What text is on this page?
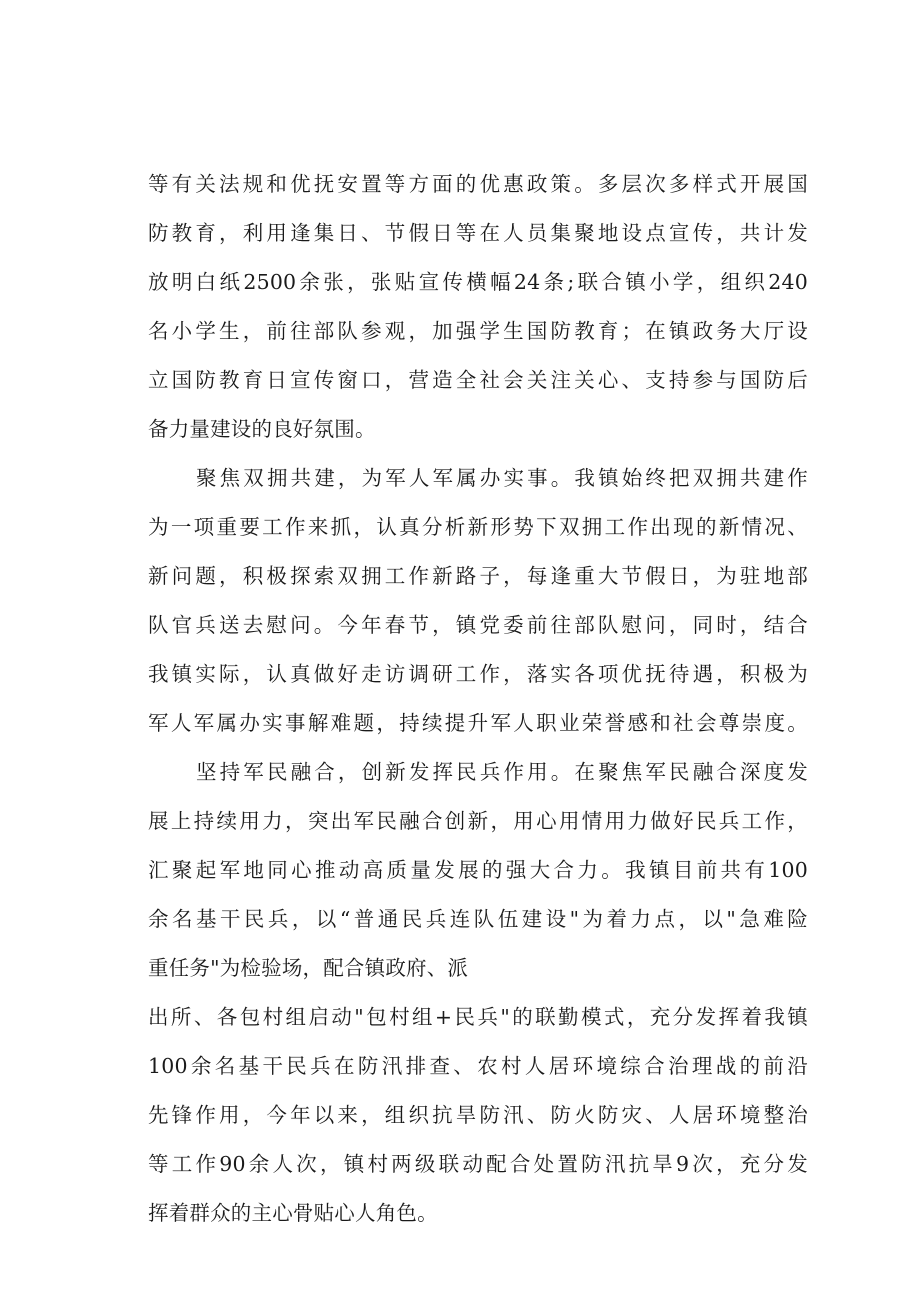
等有关法规和优抚安置等方面的优惠政策。多层次多样式开展国
防教育，利用逢集日、节假日等在人员集聚地设点宣传，共计发
放明白纸2500余张，张贴宣传横幅24条;联合镇小学，组织240
名小学生，前往部队参观，加强学生国防教育；在镇政务大厅设
立国防教育日宣传窗口，营造全社会关注关心、支持参与国防后
备力量建设的良好氛围。
聚焦双拥共建，为军人军属办实事。我镇始终把双拥共建作
为一项重要工作来抓，认真分析新形势下双拥工作出现的新情况、
新问题，积极探索双拥工作新路子，每逢重大节假日，为驻地部
队官兵送去慰问。今年春节，镇党委前往部队慰问，同时，结合
我镇实际，认真做好走访调研工作，落实各项优抚待遇，积极为
军人军属办实事解难题，持续提升军人职业荣誉感和社会尊崇度。
坚持军民融合，创新发挥民兵作用。在聚焦军民融合深度发
展上持续用力，突出军民融合创新，用心用情用力做好民兵工作，
汇聚起军地同心推动高质量发展的强大合力。我镇目前共有100
余名基干民兵，以“普通民兵连队伍建设"为着力点，以"急难险
重任务"为检验场，配合镇政府、派
出所、各包村组启动"包村组+民兵"的联勤模式，充分发挥着我镇
100余名基干民兵在防汛排查、农村人居环境综合治理战的前沿
先锋作用，今年以来，组织抗旱防汛、防火防灾、人居环境整治
等工作90余人次，镇村两级联动配合处置防汛抗旱9次，充分发
挥着群众的主心骨贴心人角色。
